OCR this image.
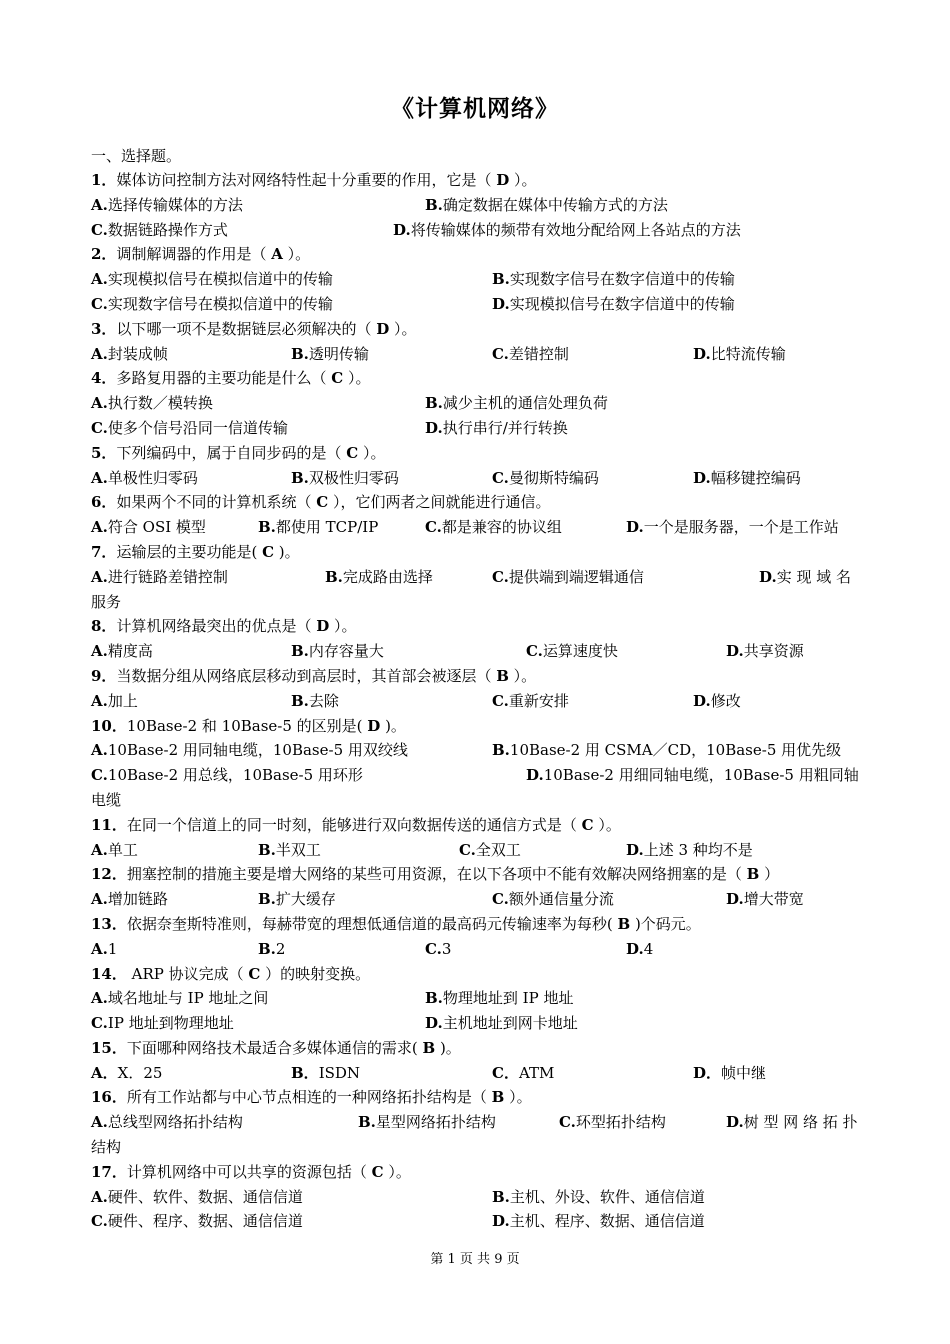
《计算机网络》
一、选择题。
1．媒体访问控制方法对网络特性起十分重要的作用，它是（ D ）。
A.选择传输媒体的方法	B.确定数据在媒体中传输方式的方法
C.数据链路操作方式	D.将传输媒体的频带有效地分配给网上各站点的方法
2．调制解调器的作用是（ A ）。
A.实现模拟信号在模拟信道中的传输	B.实现数字信号在数字信道中的传输
C.实现数字信号在模拟信道中的传输	D.实现模拟信号在数字信道中的传输
3．以下哪一项不是数据链层必须解决的（ D ）。
A.封装成帧	B.透明传输	C.差错控制	D.比特流传输
4．多路复用器的主要功能是什么（ C ）。
A.执行数／模转换	B.减少主机的通信处理负荷
C.使多个信号沿同一信道传输	D.执行串行/并行转换
5．下列编码中，属于自同步码的是（ C ）。
A.单极性归零码	B.双极性归零码	C.曼彻斯特编码	D.幅移键控编码
6．如果两个不同的计算机系统（ C ），它们两者之间就能进行通信。
A.符合 OSI 模型	B.都使用 TCP/IP	C.都是兼容的协议组	D.一个是服务器，一个是工作站
7．运输层的主要功能是( C )。
A.进行链路差错控制	B.完成路由选择	C.提供端到端逻辑通信	D.实 现 域 名
服务
8．计算机网络最突出的优点是（ D ）。
A.精度高	B.内存容量大	C.运算速度快	D.共享资源
9．当数据分组从网络底层移动到高层时，其首部会被逐层（ B ）。
A.加上	B.去除	C.重新安排	D.修改
10．10Base-2 和 10Base-5 的区别是( D )。
A.10Base-2 用同轴电缆，10Base-5 用双绞线	B.10Base-2 用 CSMA／CD，10Base-5 用优先级
C.10Base-2 用总线，10Base-5 用环形	D.10Base-2 用细同轴电缆，10Base-5 用粗同轴
电缆
11．在同一个信道上的同一时刻，能够进行双向数据传送的通信方式是（ C ）。
A.单工	B.半双工	C.全双工	D.上述 3 种均不是
12．拥塞控制的措施主要是增大网络的某些可用资源，在以下各项中不能有效解决网络拥塞的是（ B ）
A.增加链路	B.扩大缓存	C.额外通信量分流	D.增大带宽
13．依据奈奎斯特准则，每赫带宽的理想低通信道的最高码元传输速率为每秒( B )个码元。
A.1	B.2	C.3	D.4
14． ARP 协议完成（ C ）的映射变换。
A.域名地址与 IP 地址之间	B.物理地址到 IP 地址
C.IP 地址到物理地址	D.主机地址到网卡地址
15．下面哪种网络技术最适合多媒体通信的需求( B )。
A．X．25	B．ISDN	C．ATM	D．帧中继
16．所有工作站都与中心节点相连的一种网络拓扑结构是（ B ）。
A.总线型网络拓扑结构	B.星型网络拓扑结构	C.环型拓扑结构	D.树 型 网 络 拓 扑
结构
17．计算机网络中可以共享的资源包括（ C ）。
A.硬件、软件、数据、通信信道	B.主机、外设、软件、通信信道
C.硬件、程序、数据、通信信道	D.主机、程序、数据、通信信道
第 1 页 共 9 页
